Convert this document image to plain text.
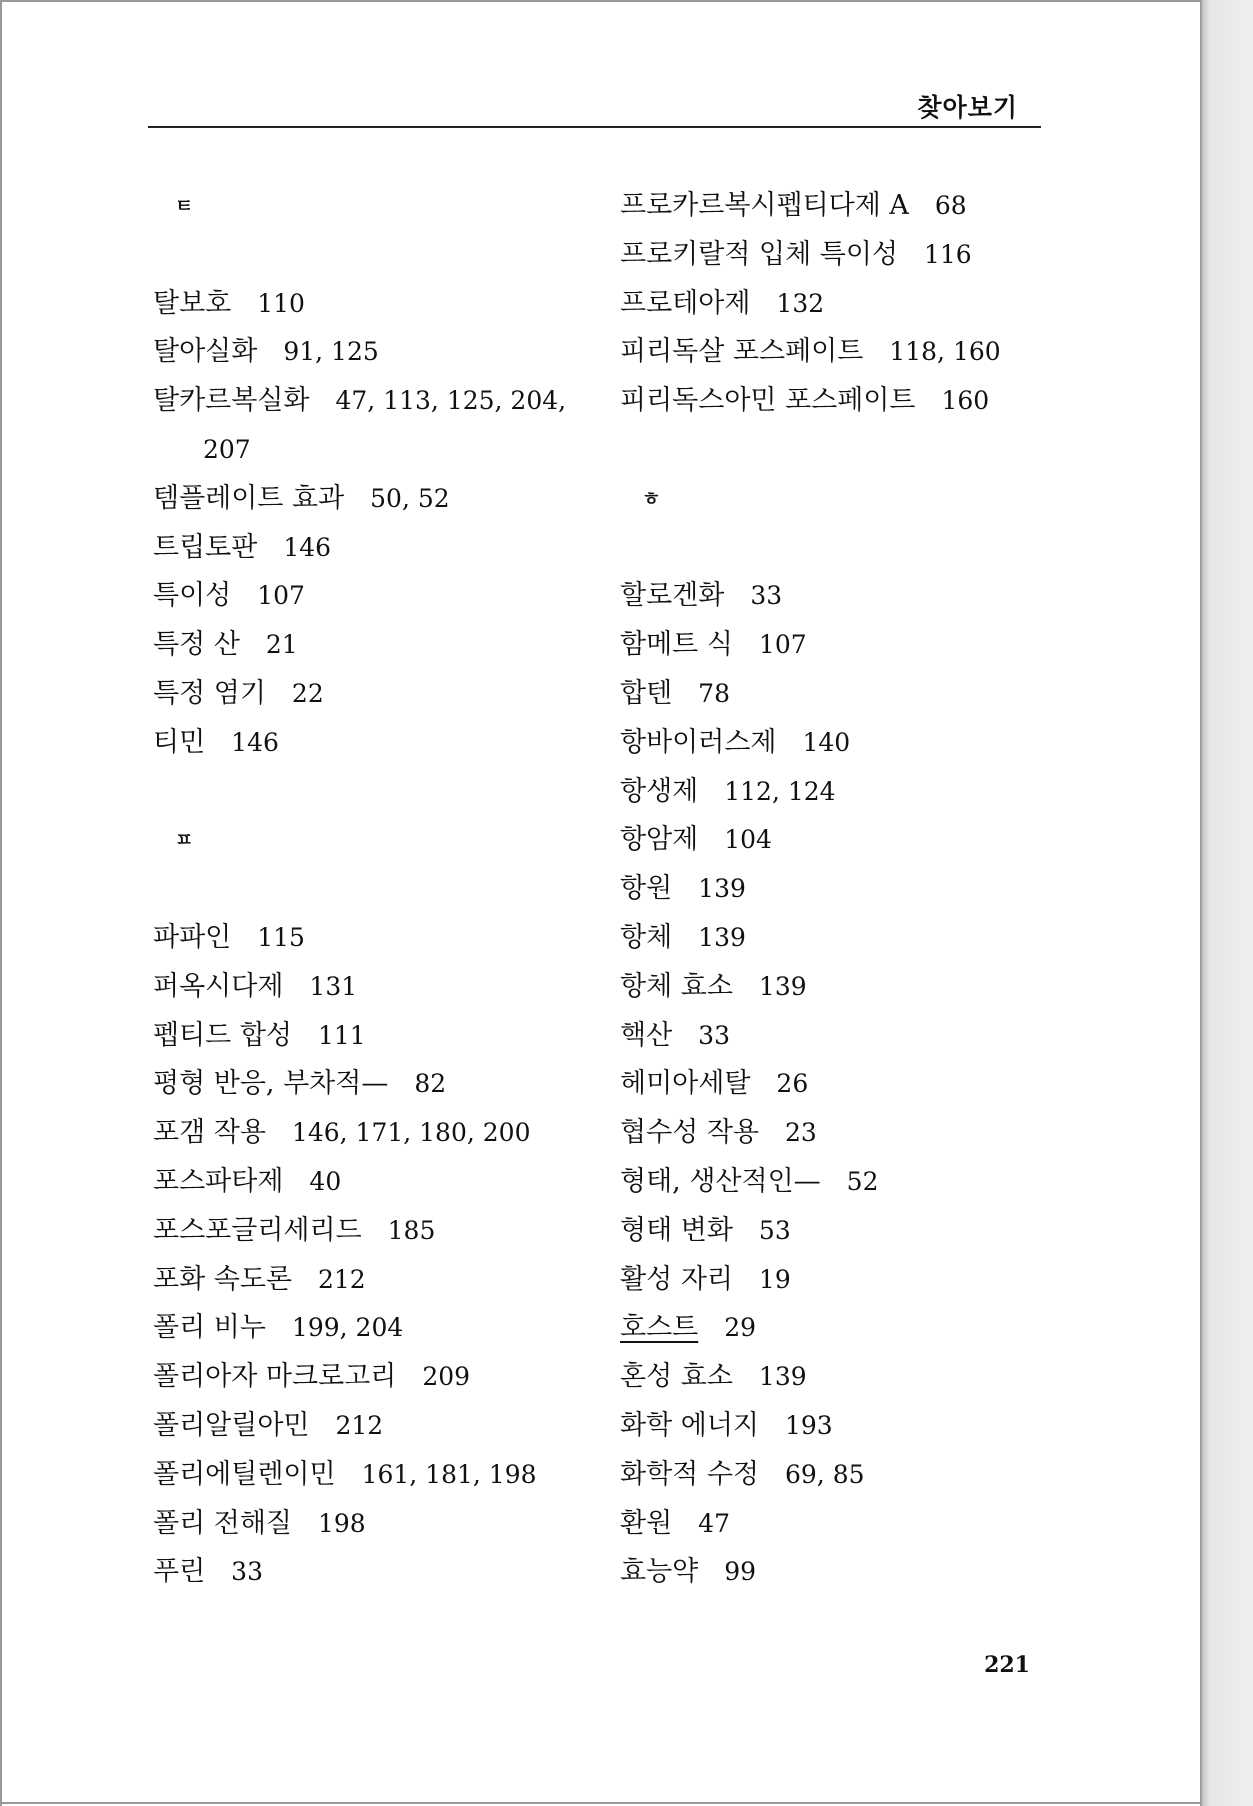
찾아보기
ㅌ
탈보호 110
탈아실화 91, 125
탈카르복실화 47, 113, 125, 204,
207
템플레이트 효과 50, 52
트립토판 146
특이성 107
특정 산 21
특정 염기 22
티민 146
ㅍ
파파인 115
퍼옥시다제 131
펩티드 합성 111
평형 반응, 부차적— 82
포갬 작용 146, 171, 180, 200
포스파타제 40
포스포글리세리드 185
포화 속도론 212
폴리 비누 199, 204
폴리아자 마크로고리 209
폴리알릴아민 212
폴리에틸렌이민 161, 181, 198
폴리 전해질 198
푸린 33
프로카르복시펩티다제 A 68
프로키랄적 입체 특이성 116
프로테아제 132
피리독살 포스페이트 118, 160
피리독스아민 포스페이트 160
ㅎ
할로겐화 33
함메트 식 107
합텐 78
항바이러스제 140
항생제 112, 124
항암제 104
항원 139
항체 139
항체 효소 139
핵산 33
헤미아세탈 26
협수성 작용 23
형태, 생산적인— 52
형태 변화 53
활성 자리 19
호스트 29
혼성 효소 139
화학 에너지 193
화학적 수정 69, 85
환원 47
효능약 99
221
